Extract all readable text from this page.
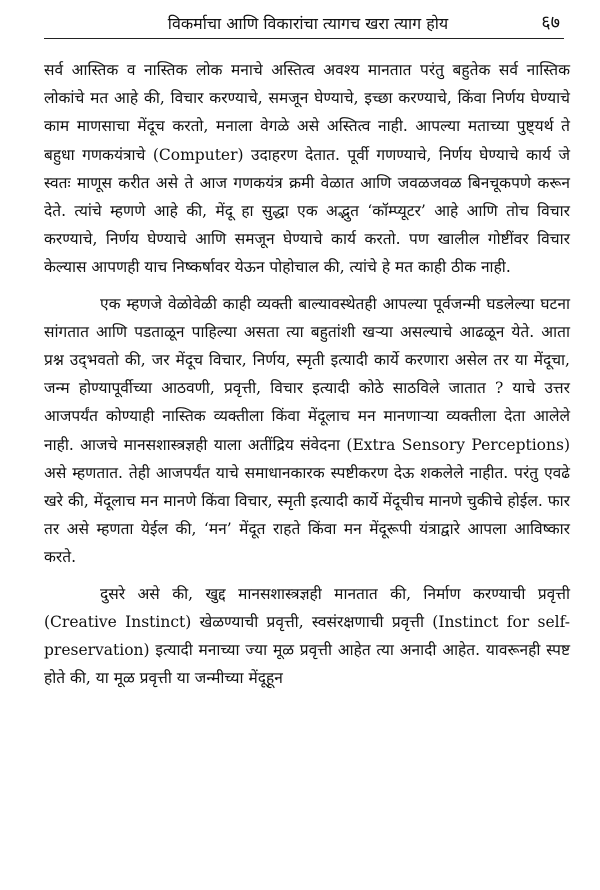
विकर्माचा आणि विकारांचा त्यागच खरा त्याग होय	६७

सर्व आस्तिक व नास्तिक लोक मनाचे अस्तित्व अवश्य मानतात परंतु बहुतेक सर्व नास्तिक लोकांचे मत आहे की, विचार करण्याचे, समजून घेण्याचे, इच्छा करण्याचे, किंवा निर्णय घेण्याचे काम माणसाचा मेंदूच करतो, मनाला वेगळे असे अस्तित्व नाही. आपल्या मताच्या पुष्ट्यर्थ ते बहुधा गणकयंत्राचे (Computer) उदाहरण देतात. पूर्वी गणण्याचे, निर्णय घेण्याचे कार्य जे स्वतः माणूस करीत असे ते आज गणकयंत्र क्रमी वेळात आणि जवळजवळ बिनचूकपणे करून देते. त्यांचे म्हणणे आहे की, मेंदू हा सुद्धा एक अद्भुत ‘कॉम्प्यूटर’ आहे आणि तोच विचार करण्याचे, निर्णय घेण्याचे आणि समजून घेण्याचे कार्य करतो. पण खालील गोष्टींवर विचार केल्यास आपणही याच निष्कर्षावर येऊन पोहोचाल की, त्यांचे हे मत काही ठीक नाही.

एक म्हणजे वेळोवेळी काही व्यक्ती बाल्यावस्थेतही आपल्या पूर्वजन्मी घडलेल्या घटना सांगतात आणि पडताळून पाहिल्या असता त्या बहुतांशी खऱ्या असल्याचे आढळून येते. आता प्रश्न उद्‌भवतो की, जर मेंदूच विचार, निर्णय, स्मृती इत्यादी कार्ये करणारा असेल तर या मेंदूचा, जन्म होण्यापूर्वीच्या आठवणी, प्रवृत्ती, विचार इत्यादी कोठे साठविले जातात ? याचे उत्तर आजपर्यंत कोण्याही नास्तिक व्यक्तीला किंवा मेंदूलाच मन मानणाऱ्या व्यक्तीला देता आलेले नाही. आजचे मानसशास्त्रज्ञही याला अतींद्रिय संवेदना (Extra Sensory Perceptions) असे म्हणतात. तेही आजपर्यंत याचे समाधानकारक स्पष्टीकरण देऊ शकलेले नाहीत. परंतु एवढे खरे की, मेंदूलाच मन मानणे किंवा विचार, स्मृती इत्यादी कार्ये मेंदूचीच मानणे चुकीचे होईल. फार तर असे म्हणता येईल की, ‘मन’ मेंदूत राहते किंवा मन मेंदूरूपी यंत्राद्वारे आपला आविष्कार करते.

दुसरे असे की, खुद्द मानसशास्त्रज्ञही मानतात की, निर्माण करण्याची प्रवृत्ती (Creative Instinct) खेळण्याची प्रवृत्ती, स्वसंरक्षणाची प्रवृत्ती (Instinct for self-preservation) इत्यादी मनाच्या ज्या मूळ प्रवृत्ती आहेत त्या अनादी आहेत. यावरूनही स्पष्ट होते की, या मूळ प्रवृत्ती या जन्मीच्या मेंदूहून
